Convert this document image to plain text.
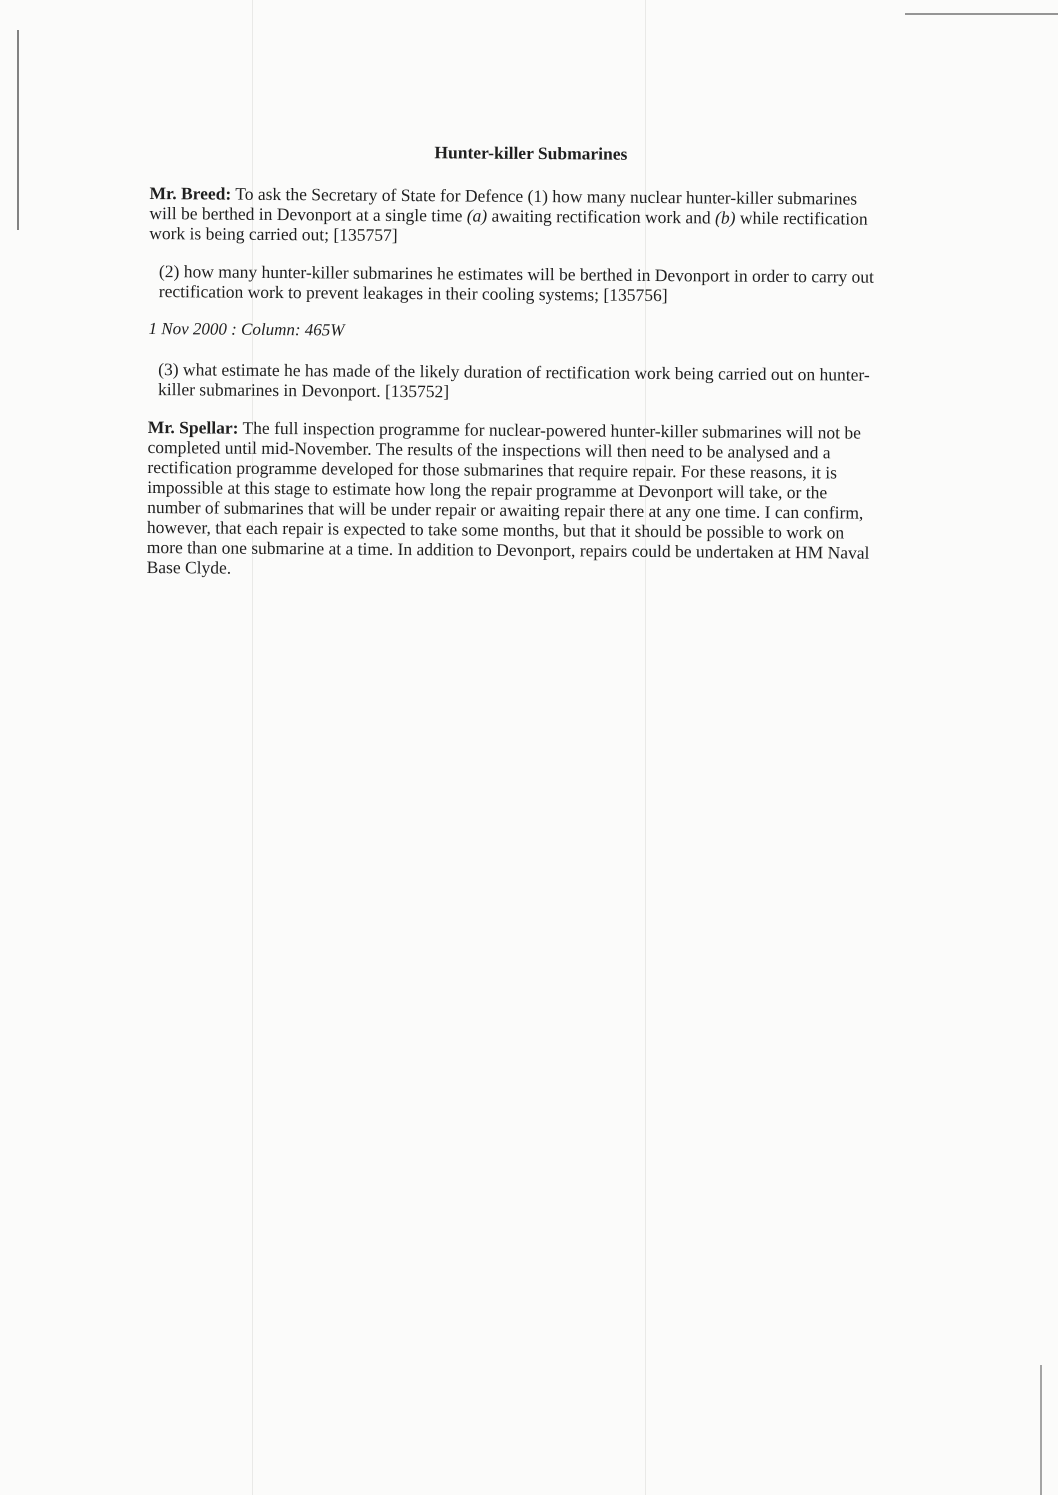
Hunter-killer Submarines

Mr. Breed: To ask the Secretary of State for Defence (1) how many nuclear hunter-killer submarines will be berthed in Devonport at a single time (a) awaiting rectification work and (b) while rectification work is being carried out; [135757]

(2) how many hunter-killer submarines he estimates will be berthed in Devonport in order to carry out rectification work to prevent leakages in their cooling systems; [135756]

1 Nov 2000 : Column: 465W

(3) what estimate he has made of the likely duration of rectification work being carried out on hunter-killer submarines in Devonport. [135752]

Mr. Spellar: The full inspection programme for nuclear-powered hunter-killer submarines will not be completed until mid-November. The results of the inspections will then need to be analysed and a rectification programme developed for those submarines that require repair. For these reasons, it is impossible at this stage to estimate how long the repair programme at Devonport will take, or the number of submarines that will be under repair or awaiting repair there at any one time. I can confirm, however, that each repair is expected to take some months, but that it should be possible to work on more than one submarine at a time. In addition to Devonport, repairs could be undertaken at HM Naval Base Clyde.
